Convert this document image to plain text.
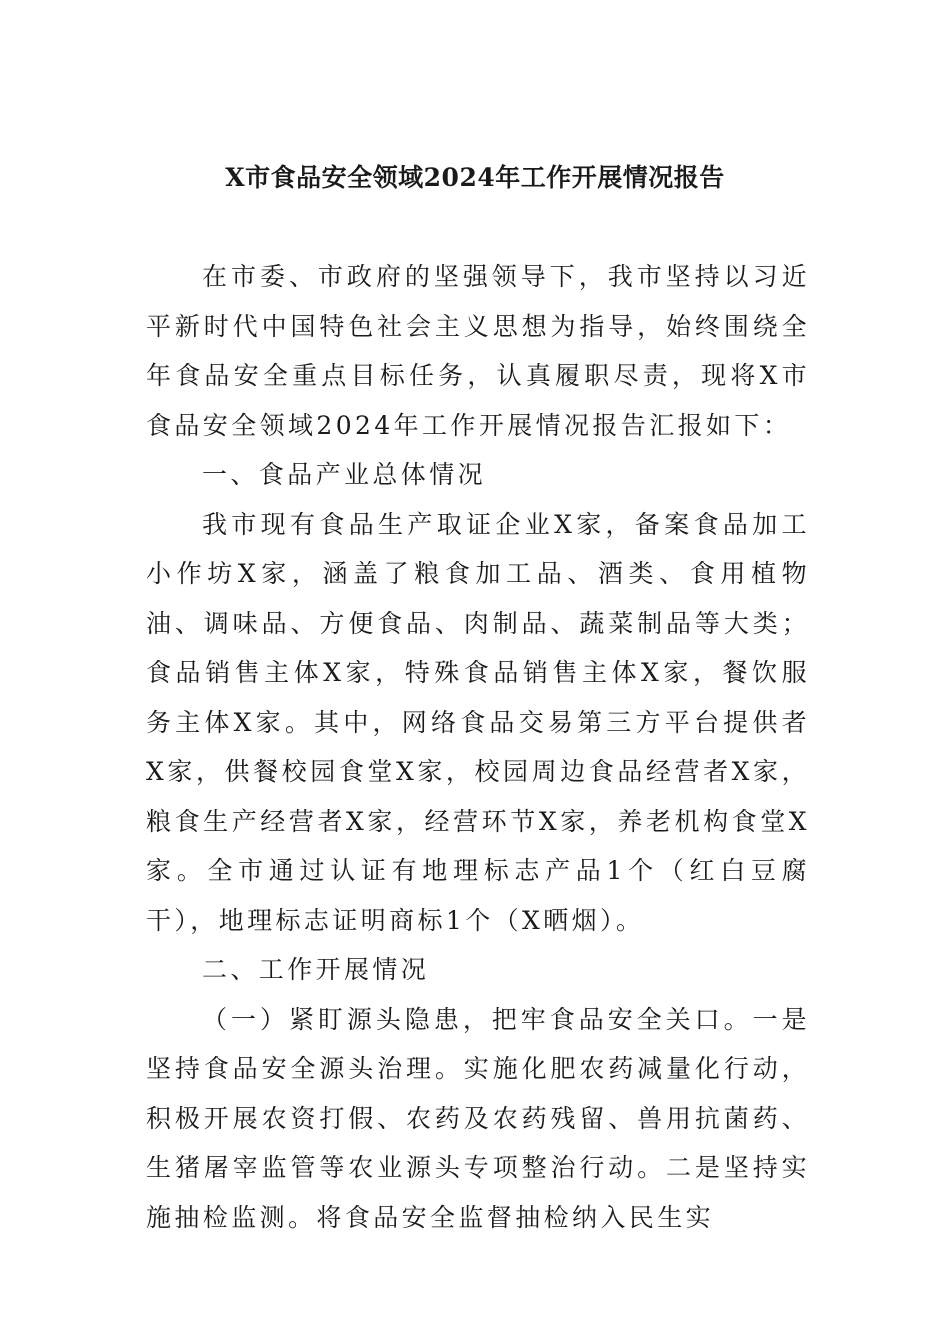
X市食品安全领域2024年工作开展情况报告

在市委、市政府的坚强领导下，我市坚持以习近平新时代中国特色社会主义思想为指导，始终围绕全年食品安全重点目标任务，认真履职尽责，现将X市食品安全领域2024年工作开展情况报告汇报如下：

一、食品产业总体情况

我市现有食品生产取证企业X家，备案食品加工小作坊X家，涵盖了粮食加工品、酒类、食用植物油、调味品、方便食品、肉制品、蔬菜制品等大类；食品销售主体X家，特殊食品销售主体X家，餐饮服务主体X家。其中，网络食品交易第三方平台提供者X家，供餐校园食堂X家，校园周边食品经营者X家，粮食生产经营者X家，经营环节X家，养老机构食堂X家。全市通过认证有地理标志产品1个（红白豆腐干），地理标志证明商标1个（X晒烟）。

二、工作开展情况

（一）紧盯源头隐患，把牢食品安全关口。一是坚持食品安全源头治理。实施化肥农药减量化行动，积极开展农资打假、农药及农药残留、兽用抗菌药、生猪屠宰监管等农业源头专项整治行动。二是坚持实施抽检监测。将食品安全监督抽检纳入民生实
